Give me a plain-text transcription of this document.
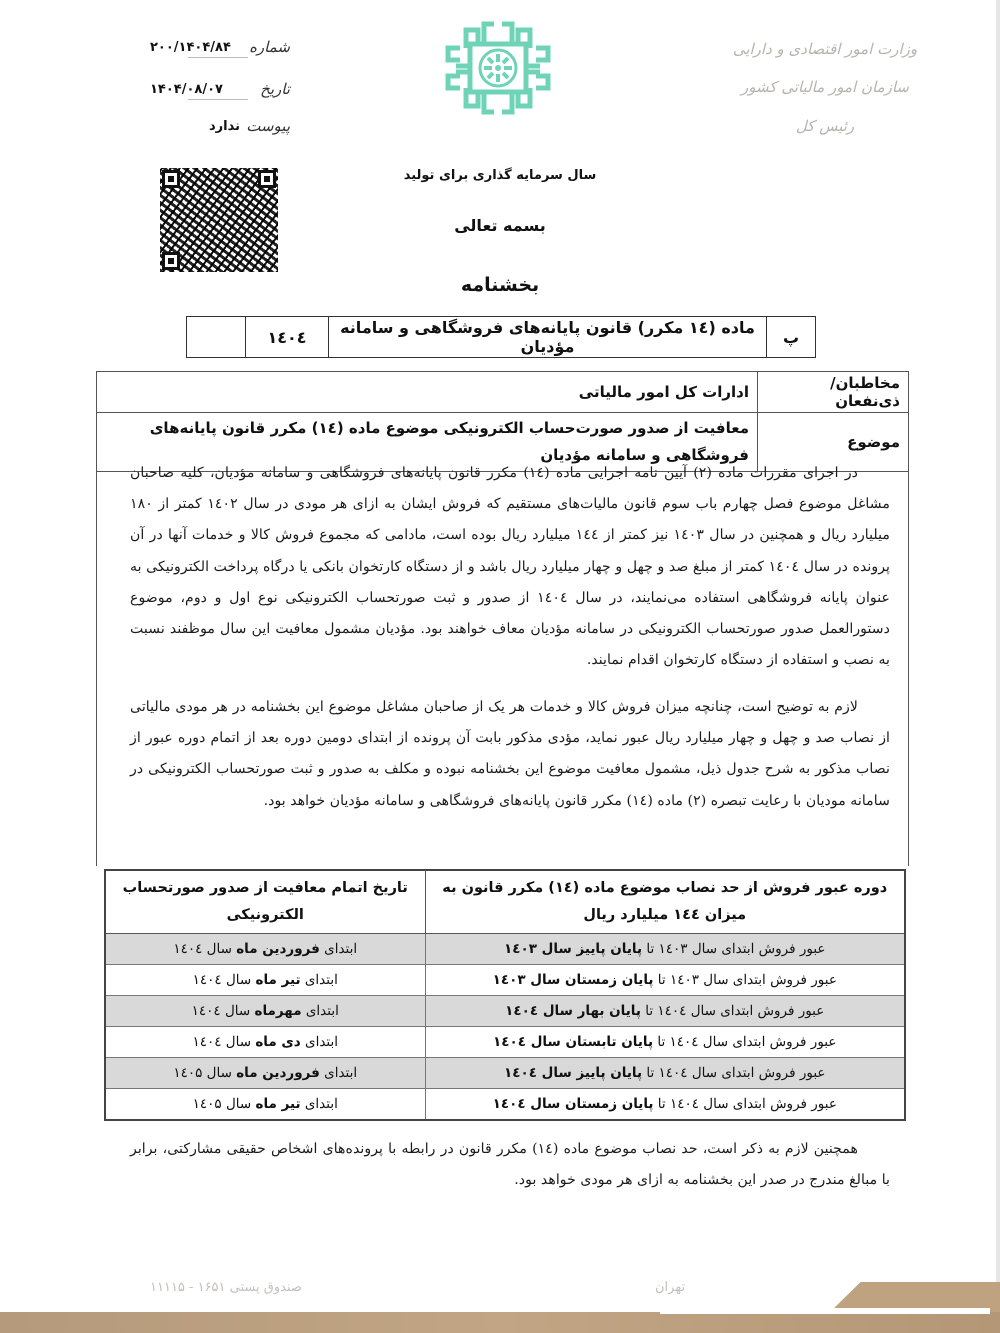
شماره
۲۰۰/۱۴۰۴/۸۴
تاریخ
۱۴۰۴/۰۸/۰۷
پیوست
ندارد
وزارت امور اقتصادی و دارایی
سازمان امور مالیاتی کشور
رئیس کل
سال سرمایه گذاری برای تولید
بسمه تعالی
بخشنامه
پ	ماده (۱٤ مکرر) قانون پایانه‌های فروشگاهی و سامانه مؤدیان	۱٤۰٤	
مخاطبان/ذی‌نفعان	ادارات کل امور مالیاتی
موضوع	معافیت از صدور صورت‌حساب الکترونیکی موضوع ماده (۱٤) مکرر قانون پایانه‌های فروشگاهی و سامانه مؤدیان
در اجرای مقررات ماده (۲) آیین نامه اجرایی ماده (۱٤) مکرر قانون پایانه‌های فروشگاهی و سامانه مؤدیان، کلیه صاحبان مشاغل موضوع فصل چهارم باب سوم قانون مالیات‌های مستقیم که فروش ایشان به ازای هر مودی در سال ۱٤۰۲ کمتر از ۱۸۰ میلیارد ریال و همچنین در سال ۱٤۰۳ نیز کمتر از ۱٤٤ میلیارد ریال بوده است، مادامی که مجموع فروش کالا و خدمات آنها در آن پرونده در سال ۱٤۰٤ کمتر از مبلغ صد و چهل و چهار میلیارد ریال باشد و از دستگاه کارتخوان بانکی یا درگاه پرداخت الکترونیکی به عنوان پایانه فروشگاهی استفاده می‌نمایند، در سال ۱٤۰٤ از صدور و ثبت صورتحساب الکترونیکی نوع اول و دوم، موضوع دستورالعمل صدور صورتحساب الکترونیکی در سامانه مؤدیان معاف خواهند بود. مؤدیان مشمول معافیت این سال موظفند نسبت به نصب و استفاده از دستگاه کارتخوان اقدام نمایند.
لازم به توضیح است، چنانچه میزان فروش کالا و خدمات هر یک از صاحبان مشاغل موضوع این بخشنامه در هر مودی مالیاتی از نصاب صد و چهل و چهار میلیارد ریال عبور نماید، مؤدی مذکور بابت آن پرونده از ابتدای دومین دوره بعد از اتمام دوره عبور از نصاب مذکور به شرح جدول ذیل، مشمول معافیت موضوع این بخشنامه نبوده و مکلف به صدور و ثبت صورتحساب الکترونیکی در سامانه مودیان با رعایت تبصره (۲) ماده (۱٤) مکرر قانون پایانه‌های فروشگاهی و سامانه مؤدیان خواهد بود.
دوره عبور فروش از حد نصاب موضوع ماده (۱٤) مکرر قانون به میزان ۱٤٤ میلیارد ریال	تاریخ اتمام معافیت از صدور صورتحساب الکترونیکی
عبور فروش ابتدای سال ۱٤۰۳ تا پایان پاییز سال ۱٤۰۳	ابتدای فروردین ماه سال ۱٤۰٤
عبور فروش ابتدای سال ۱٤۰۳ تا پایان زمستان سال ۱٤۰۳	ابتدای تیر ماه سال ۱٤۰٤
عبور فروش ابتدای سال ۱٤۰٤ تا پایان بهار سال ۱٤۰٤	ابتدای مهرماه سال ۱٤۰٤
عبور فروش ابتدای سال ۱٤۰٤ تا پایان تابستان سال ۱٤۰٤	ابتدای دی ماه سال ۱٤۰٤
عبور فروش ابتدای سال ۱٤۰٤ تا پایان پاییز سال ۱٤۰٤	ابتدای فروردین ماه سال ۱٤۰۵
عبور فروش ابتدای سال ۱٤۰٤ تا پایان زمستان سال ۱٤۰٤	ابتدای تیر ماه سال ۱٤۰۵
همچنین لازم به ذکر است، حد نصاب موضوع ماده (۱٤) مکرر قانون در رابطه با پرونده‌های اشخاص حقیقی مشارکتی، برابر با مبالغ مندرج در صدر این بخشنامه به ازای هر مودی خواهد بود.
صندوق پستی ۱۶۵۱ - ۱۱۱۱۵	تهران
